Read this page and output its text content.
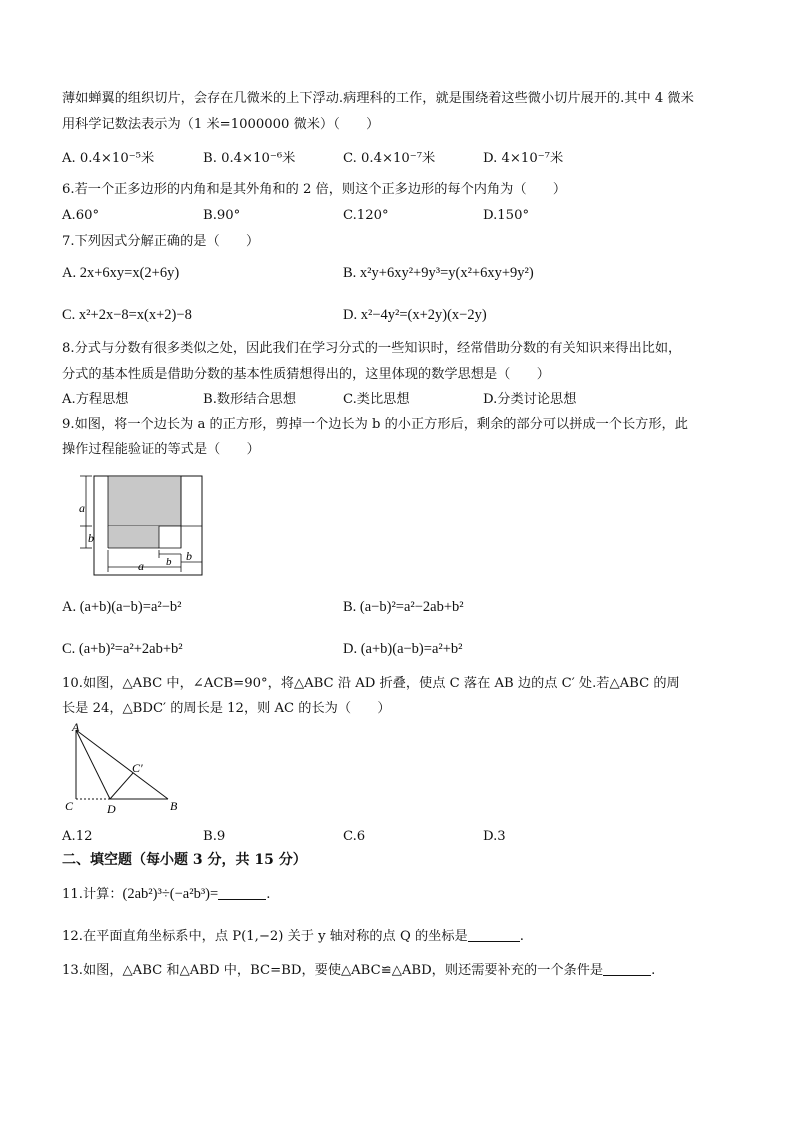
薄如蝉翼的组织切片，会存在几微米的上下浮动.病理科的工作，就是围绕着这些微小切片展开的.其中 4 微米
用科学记数法表示为（1 米=1000000 微米）（　　）
A. 0.4×10⁻⁵米	B. 0.4×10⁻⁶米	C. 0.4×10⁻⁷米	D. 4×10⁻⁷米
6.若一个正多边形的内角和是其外角和的 2 倍，则这个正多边形的每个内角为（　　）
A.60°	B.90°	C.120°	D.150°
7.下列因式分解正确的是（　　）
A. 2x+6xy=x(2+6y)	B. x²y+6xy²+9y³=y(x²+6xy+9y²)
C. x²+2x−8=x(x+2)−8	D. x²−4y²=(x+2y)(x−2y)
8.分式与分数有很多类似之处，因此我们在学习分式的一些知识时，经常借助分数的有关知识来得出比如，
分式的基本性质是借助分数的基本性质猜想得出的，这里体现的数学思想是（　　）
A.方程思想	B.数形结合思想	C.类比思想	D.分类讨论思想
9.如图，将一个边长为 a 的正方形，剪掉一个边长为 b 的小正方形后，剩余的部分可以拼成一个长方形，此
操作过程能验证的等式是（　　）
a
b
a b b
A. (a+b)(a−b)=a²−b²	B. (a−b)²=a²−2ab+b²
C. (a+b)²=a²+2ab+b²	D. (a+b)(a−b)=a²+b²
10.如图，△ABC 中，∠ACB=90°，将△ABC 沿 AD 折叠，使点 C 落在 AB 边的点 C′ 处.若△ABC 的周
长是 24，△BDC′ 的周长是 12，则 AC 的长为（　　）
A
C	D	B
C′
A.12	B.9	C.6	D.3
二、填空题（每小题 3 分，共 15 分）
11.计算：(2ab²)³÷(−a²b³)=	.
12.在平面直角坐标系中，点 P(1,−2) 关于 y 轴对称的点 Q 的坐标是	.
13.如图，△ABC 和△ABD 中，BC=BD，要使△ABC≌△ABD，则还需要补充的一个条件是	.
